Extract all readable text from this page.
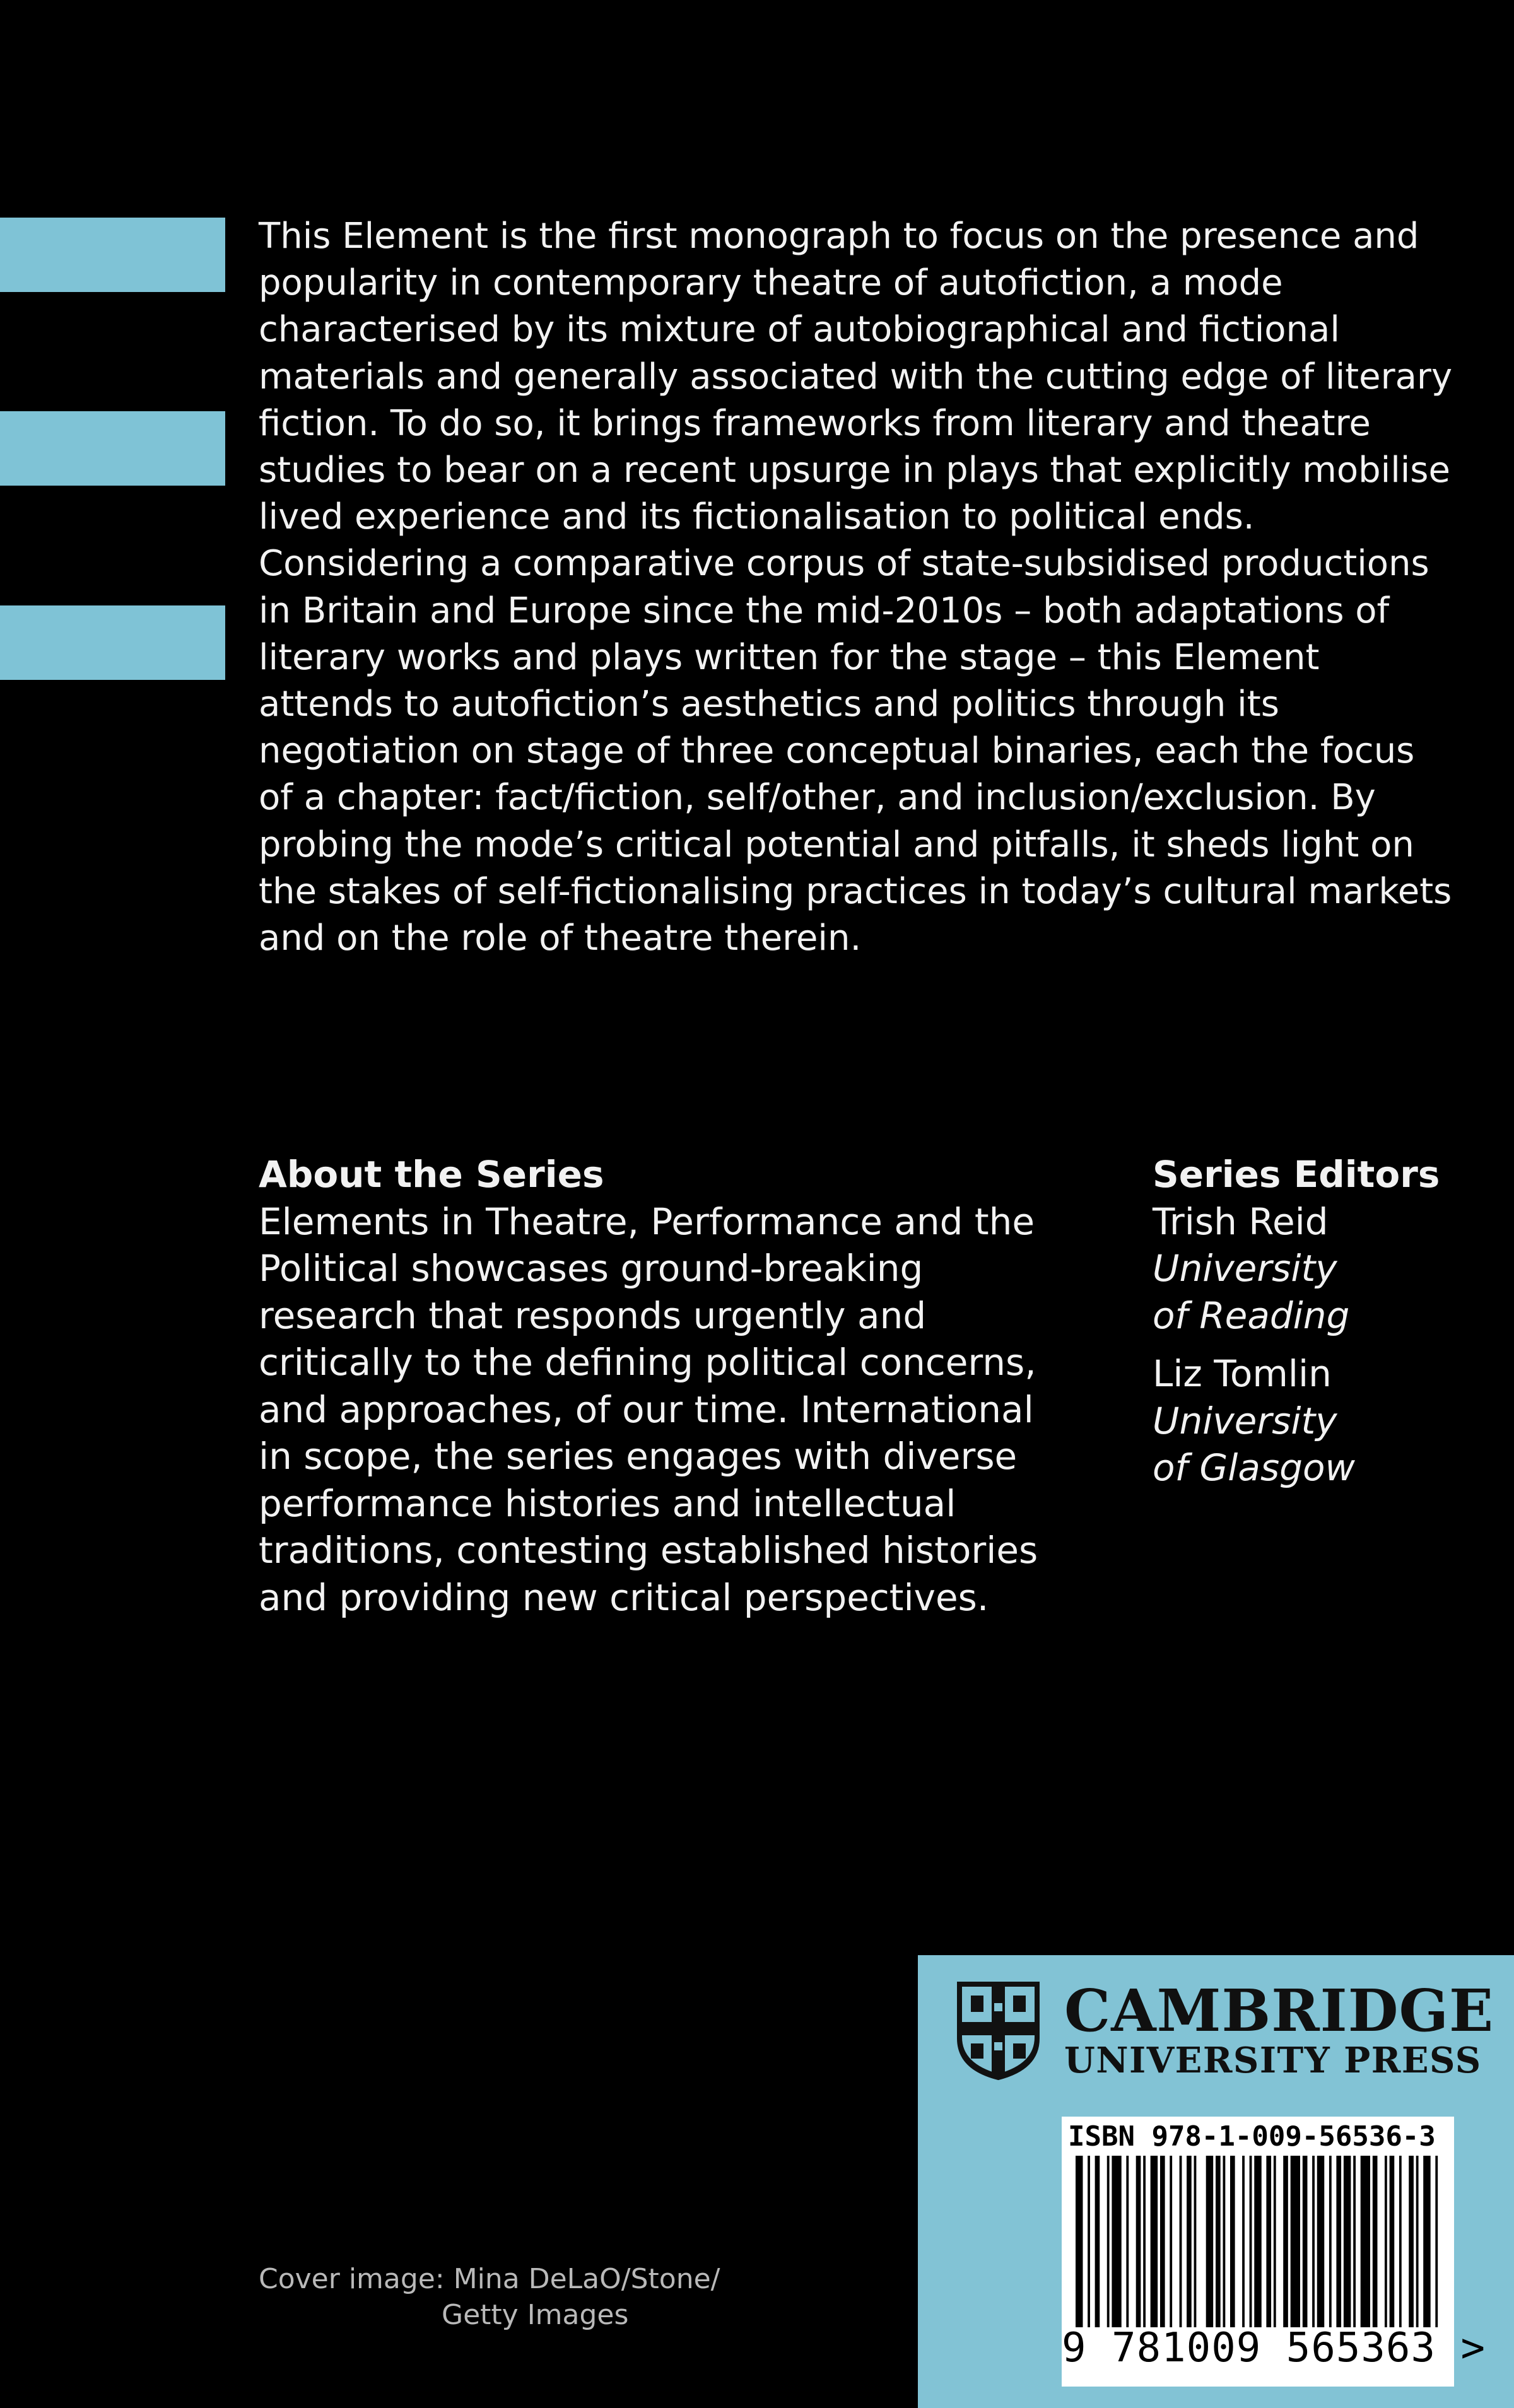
This Element is the first monograph to focus on the presence and popularity in contemporary theatre of autofiction, a mode characterised by its mixture of autobiographical and fictional materials and generally associated with the cutting edge of literary fiction. To do so, it brings frameworks from literary and theatre studies to bear on a recent upsurge in plays that explicitly mobilise lived experience and its fictionalisation to political ends. Considering a comparative corpus of state-subsidised productions in Britain and Europe since the mid-2010s – both adaptations of literary works and plays written for the stage – this Element attends to autofiction’s aesthetics and politics through its negotiation on stage of three conceptual binaries, each the focus of a chapter: fact/fiction, self/other, and inclusion/exclusion. By probing the mode’s critical potential and pitfalls, it sheds light on the stakes of self-fictionalising practices in today’s cultural markets and on the role of theatre therein.

About the Series

Elements in Theatre, Performance and the Political showcases ground-breaking research that responds urgently and critically to the defining political concerns, and approaches, of our time. International in scope, the series engages with diverse performance histories and intellectual traditions, contesting established histories and providing new critical perspectives.

Series Editors
Trish Reid
University
of Reading
Liz Tomlin
University
of Glasgow
Cover image: Mina DeLaO/Stone/
Getty Images
CAMBRIDGE
UNIVERSITY PRESS
ISBN 978-1-009-56536-3
9 781009 565363 >
